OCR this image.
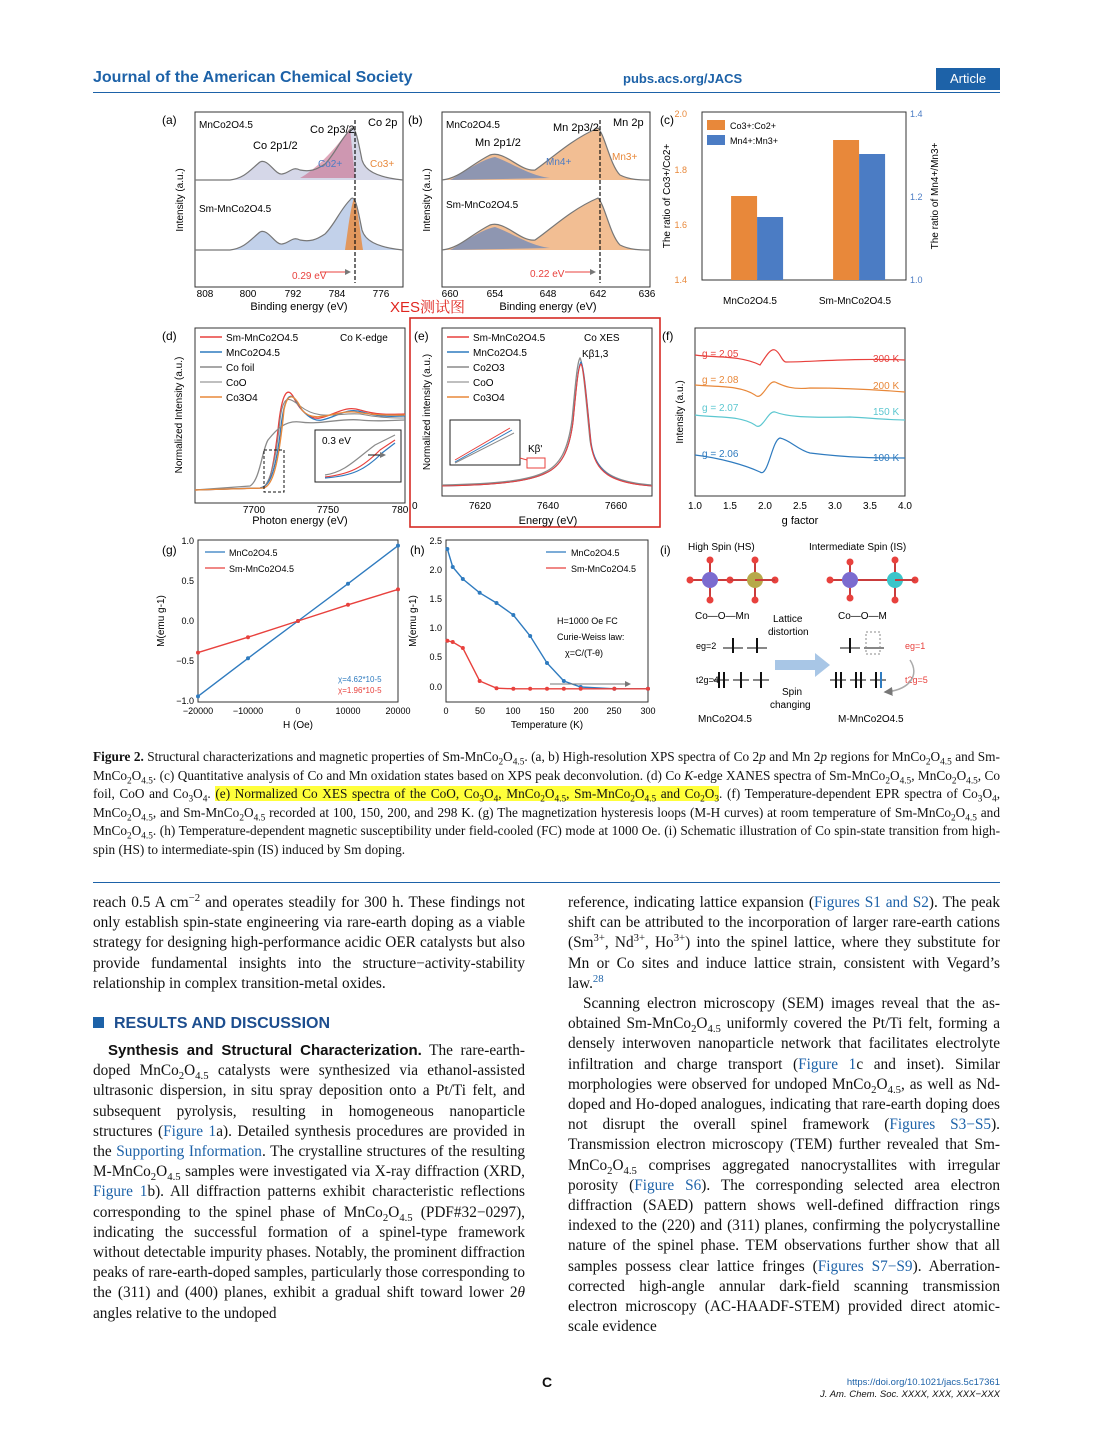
Journal of the American Chemical Society	pubs.acs.org/JACS	Article
(a) MnCo2O4.5
Sm-MnCo2O4.5
Co 2p
Co 2p3/2
Co 2p1/2
Co2+	Co3+
0.29 eV
Intensity (a.u.)
Binding energy (eV)
808	800	792	784	776
(b) MnCo2O4.5
Sm-MnCo2O4.5
Mn 2p
Mn 2p3/2
Mn 2p1/2
Mn4+	Mn3+
0.22 eV
Intensity (a.u.)
Binding energy (eV)
660	654	648	642	636
(c)	Co3+:Co2+
Mn4+:Mn3+
2.0
1.8
1.6
1.4
1.4
1.2
1.0
The ratio of Co3+/Co2+	The ratio of Mn4+/Mn3+
MnCo2O4.5	Sm-MnCo2O4.5
XES测试图
(d)
0.3 eV
Co K-edge
Sm-MnCo2O4.5
MnCo2O4.5
Co foil
CoO
Co3O4
Normalized Intensity (a.u.)
Photon energy (eV)
7700	7750	780
(e)	Co XES
Kβ1,3
Kβ'
Sm-MnCo2O4.5
MnCo2O4.5
Co2O3
CoO
Co3O4
Normalized intensity (a.u.)
Energy (eV)
0	7620	7640	7660
(f)
g = 2.05
g = 2.08
g = 2.07
g = 2.06
300 K
200 K
150 K
100 K
Intensity (a.u.)
g factor
1.0 1.5 2.0 2.5 3.0 3.5 4.0
(g)	MnCo2O4.5
Sm-MnCo2O4.5
χ=4.62*10-5
χ=1.96*10-5
1.0
0.5
0.0
−0.5
−1.0
−20000 −10000	0	10000	20000
M(emu g-1)
H (Oe)
(h)	MnCo2O4.5
Sm-MnCo2O4.5
H=1000 Oe FC
Curie-Weiss law:
χ=C/(T-θ)
2.5
2.0
1.5
1.0
0.5
0.0
0	50 100 150 200 250 300
M(emu g-1)
Temperature (K)
(i) High Spin (HS)	Intermediate Spin (IS)
Co—O—Mn	Co—O—M
Lattice
distortion
eg=2
t2g=4
eg=1
t2g=5
Spin
changing
MnCo2O4.5	M-MnCo2O4.5
Figure 2. Structural characterizations and magnetic properties of $Sm-MnCo_2O_{4.5}$. (a, b) High-resolution XPS spectra of Co 2p and Mn 2p regions for $MnCo_2O_{4.5}$ and $Sm-MnCo_2O_{4.5}$. (c) Quantitative analysis of Co and Mn oxidation states based on XPS peak deconvolution. (d) Co K-edge XANES spectra of $Sm-MnCo_2O_{4.5}$, $MnCo_2O_{4.5}$, Co foil, CoO and $Co_3O_4$. (e) Normalized Co XES spectra of the CoO, $Co_3O_4$, $MnCo_2O_{4.5}$, $Sm-MnCo_2O_{4.5}$ and $Co_2O_3$. (f) Temperature-dependent EPR spectra of $Co_3O_4$, $MnCo_2O_{4.5}$, and $Sm-MnCo_2O_{4.5}$ recorded at 100, 150, 200, and 298 K. (g) The magnetization hysteresis loops (M-H curves) at room temperature of $Sm-MnCo_2O_{4.5}$ and $MnCo_2O_{4.5}$. (h) Temperature-dependent magnetic susceptibility under field-cooled (FC) mode at 1000 Oe. (i) Schematic illustration of Co spin-state transition from high-spin (HS) to intermediate-spin (IS) induced by Sm doping.

reach 0.5 A $cm^{-2}$ and operates steadily for 300 h. These findings not only establish spin-state engineering via rare-earth doping as a viable strategy for designing high-performance acidic OER catalysts but also provide fundamental insights into the structure−activity-stability relationship in complex transition-metal oxides.

RESULTS AND DISCUSSION

Synthesis and Structural Characterization. The rare-earth-doped $MnCo_2O_{4.5}$ catalysts were synthesized via ethanol-assisted ultrasonic dispersion, in situ spray deposition onto a Pt/Ti felt, and subsequent pyrolysis, resulting in homogeneous nanoparticle structures (Figure 1a). Detailed synthesis procedures are provided in the Supporting Information. The crystalline structures of the resulting $M-MnCo_2O_{4.5}$ samples were investigated via X-ray diffraction (XRD, Figure 1b). All diffraction patterns exhibit characteristic reflections corresponding to the spinel phase of $MnCo_2O_{4.5}$ (PDF#32−0297), indicating the successful formation of a spinel-type framework without detectable impurity phases. Notably, the prominent diffraction peaks of rare-earth-doped samples, particularly those corresponding to the (311) and (400) planes, exhibit a gradual shift toward lower 2θ angles relative to the undoped

reference, indicating lattice expansion (Figures S1 and S2). The peak shift can be attributed to the incorporation of larger rare-earth cations ($Sm^{3+}$, $Nd^{3+}$, $Ho^{3+}$) into the spinel lattice, where they substitute for Mn or Co sites and induce lattice strain, consistent with Vegard’s law.$^{28}$

Scanning electron microscopy (SEM) images reveal that the as-obtained $Sm-MnCo_2O_{4.5}$ uniformly covered the Pt/Ti felt, forming a densely interwoven nanoparticle network that facilitates electrolyte infiltration and charge transport (Figure 1c and inset). Similar morphologies were observed for undoped $MnCo_2O_{4.5}$, as well as Nd-doped and Ho-doped analogues, indicating that rare-earth doping does not disrupt the overall spinel framework (Figures S3−S5). Transmission electron microscopy (TEM) further revealed that $Sm-MnCo_2O_{4.5}$ comprises aggregated nanocrystallites with irregular porosity (Figure S6). The corresponding selected area electron diffraction (SAED) pattern shows well-defined diffraction rings indexed to the (220) and (311) planes, confirming the polycrystalline nature of the spinel phase. TEM observations further show that all samples possess clear lattice fringes (Figures S7−S9). Aberration-corrected high-angle annular dark-field scanning transmission electron microscopy (AC-HAADF-STEM) provided direct atomic-scale evidence

C	https://doi.org/10.1021/jacs.5c17361
J. Am. Chem. Soc. XXXX, XXX, XXX−XXX
